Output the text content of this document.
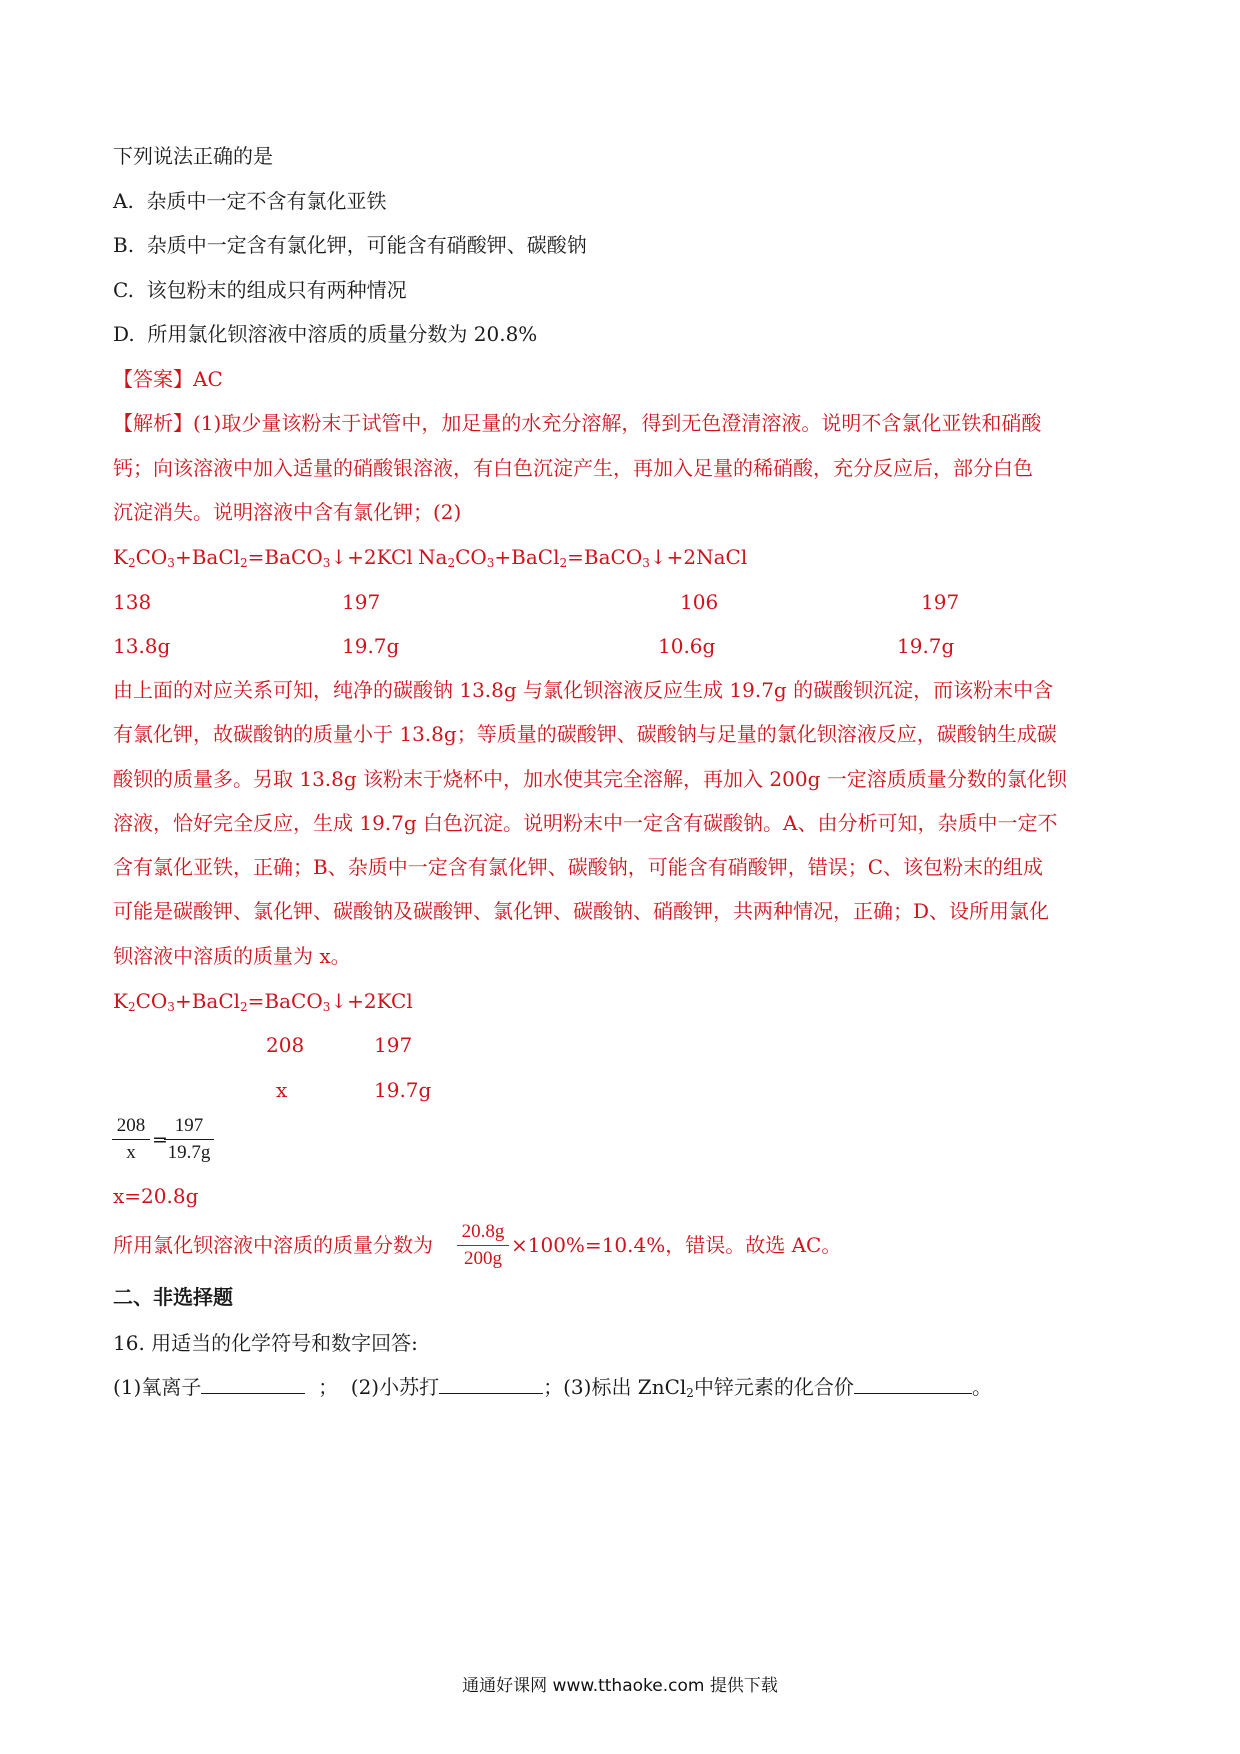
下列说法正确的是
A. 杂质中一定不含有氯化亚铁
B. 杂质中一定含有氯化钾，可能含有硝酸钾、碳酸钠
C. 该包粉末的组成只有两种情况
D. 所用氯化钡溶液中溶质的质量分数为 20.8%
【答案】AC
【解析】(1)取少量该粉末于试管中，加足量的水充分溶解，得到无色澄清溶液。说明不含氯化亚铁和硝酸
钙；向该溶液中加入适量的硝酸银溶液，有白色沉淀产生，再加入足量的稀硝酸，充分反应后，部分白色
沉淀消失。说明溶液中含有氯化钾；(2)
$K_2CO_3+BaCl_2=BaCO_3↓+2KCl$ $Na_2CO_3+BaCl_2=BaCO_3↓+2NaCl$
138	197	106	197
13.8g	19.7g	10.6g	19.7g
由上面的对应关系可知，纯净的碳酸钠 13.8g 与氯化钡溶液反应生成 19.7g 的碳酸钡沉淀，而该粉末中含
有氯化钾，故碳酸钠的质量小于 13.8g；等质量的碳酸钾、碳酸钠与足量的氯化钡溶液反应，碳酸钠生成碳
酸钡的质量多。另取 13.8g 该粉末于烧杯中，加水使其完全溶解，再加入 200g 一定溶质质量分数的氯化钡
溶液，恰好完全反应，生成 19.7g 白色沉淀。说明粉末中一定含有碳酸钠。A、由分析可知，杂质中一定不
含有氯化亚铁，正确；B、杂质中一定含有氯化钾、碳酸钠，可能含有硝酸钾，错误；C、该包粉末的组成
可能是碳酸钾、氯化钾、碳酸钠及碳酸钾、氯化钾、碳酸钠、硝酸钾，共两种情况，正确；D、设所用氯化
钡溶液中溶质的质量为 x。
$K_2CO_3+BaCl_2=BaCO_3↓+2KCl$
208	197
x	19.7g
$\frac{208}{x}$ =
$\frac{197}{19.7g}$
x=20.8g
所用氯化钡溶液中溶质的质量分数为 $\frac{20.8g}{200g} \times 100\%=10.4\%$，错误。故选 AC。
二、非选择题
16. 用适当的化学符号和数字回答:
(1)氧离子	； (2)小苏打	；(3)标出 ZnCl$_2$中锌元素的化合价	。
通通好课网 www.tthaoke.com 提供下载
